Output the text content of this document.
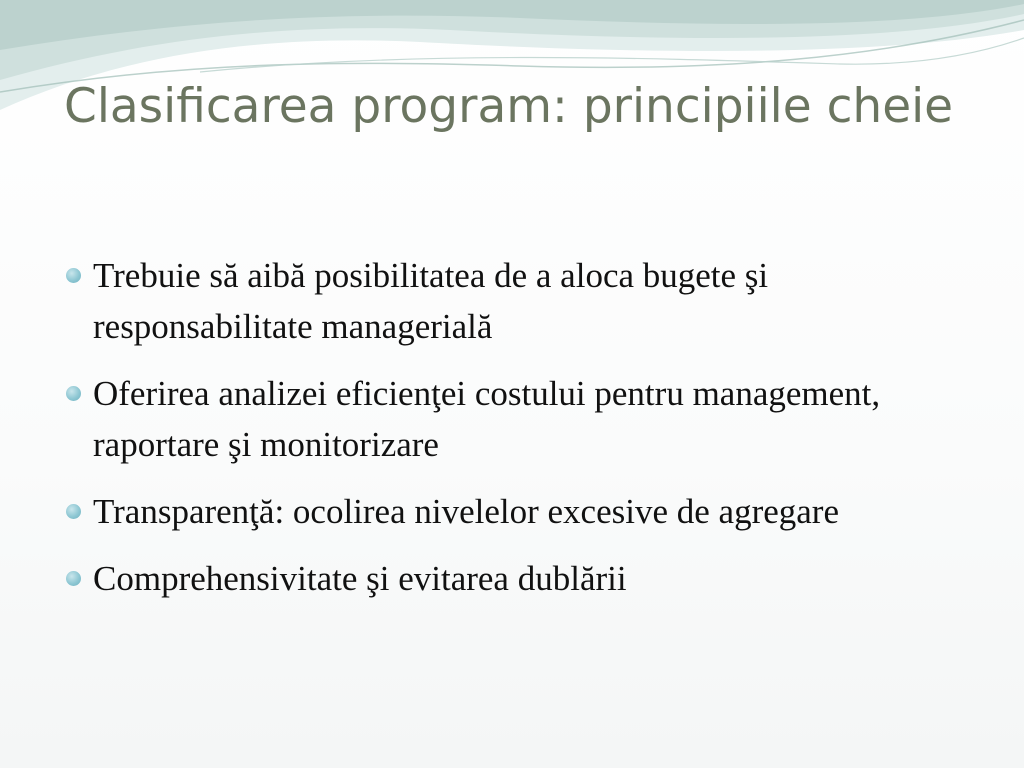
Clasificarea program: principiile cheie
Trebuie să aibă posibilitatea de a aloca bugete şi responsabilitate managerială
Oferirea analizei eficienţei costului pentru management, raportare şi monitorizare
Transparenţă: ocolirea nivelelor excesive de agregare
Comprehensivitate şi evitarea dublării
